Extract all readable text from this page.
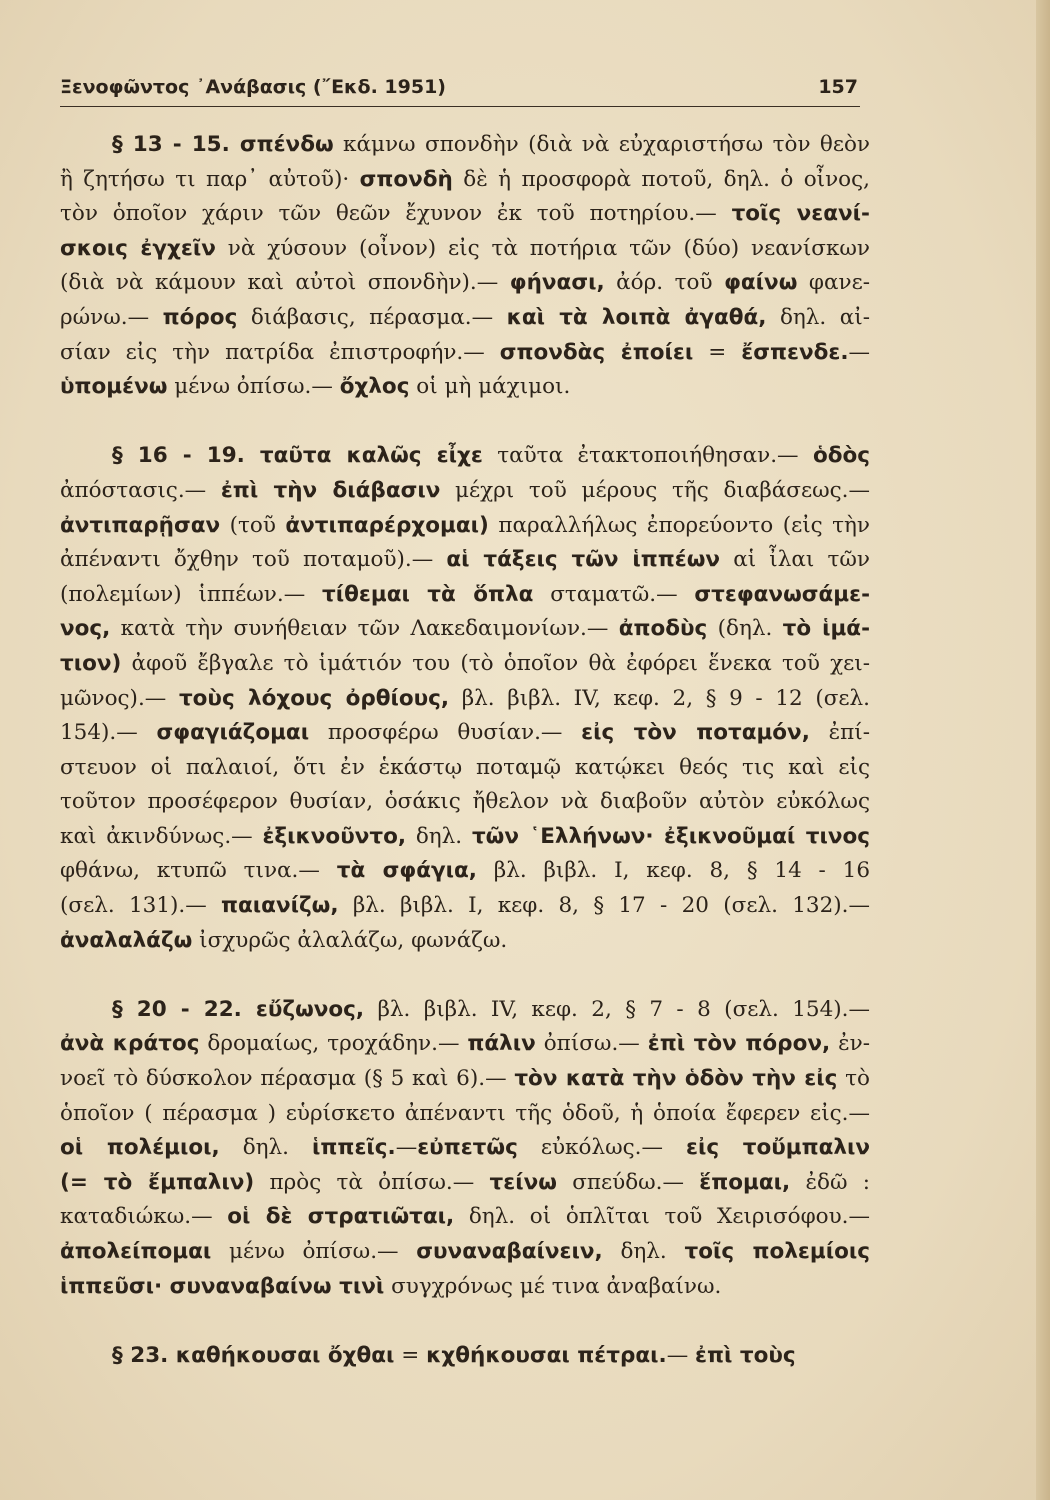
Ξενοφῶντος ᾿Ανάβασις (῎Εκδ. 1951)	157
§ 13 - 15. σπένδω κάμνω σπονδὴν (διὰ νὰ εὐχαριστήσω τὸν θεὸν
ἢ ζητήσω τι παρ᾿ αὐτοῦ)· σπονδὴ δὲ ἡ προσφορὰ ποτοῦ, δηλ. ὁ οἶνος,
τὸν ὁποῖον χάριν τῶν θεῶν ἔχυνον ἐκ τοῦ ποτηρίου.— τοῖς νεανί-
σκοις ἐγχεῖν νὰ χύσουν (οἶνον) εἰς τὰ ποτήρια τῶν (δύο) νεανίσκων
(διὰ νὰ κάμουν καὶ αὐτοὶ σπονδὴν).— φήνασι, ἀόρ. τοῦ φαίνω φανε-
ρώνω.— πόρος διάβασις, πέρασμα.— καὶ τὰ λοιπὰ ἀγαθά, δηλ. αἰ-
σίαν εἰς τὴν πατρίδα ἐπιστροφήν.— σπονδὰς ἐποίει = ἔσπενδε.—
ὑπομένω μένω ὀπίσω.— ὄχλος οἱ μὴ μάχιμοι.
§ 16 - 19. ταῦτα καλῶς εἶχε ταῦτα ἐτακτοποιήθησαν.— ὁδὸς
ἀπόστασις.— ἐπὶ τὴν διάβασιν μέχρι τοῦ μέρους τῆς διαβάσεως.—
ἀντιπαρῇσαν (τοῦ ἀντιπαρέρχομαι) παραλλήλως ἐπορεύοντο (εἰς τὴν
ἀπέναντι ὄχθην τοῦ ποταμοῦ).— αἱ τάξεις τῶν ἱππέων αἱ ἶλαι τῶν
(πολεμίων) ἱππέων.— τίθεμαι τὰ ὅπλα σταματῶ.— στεφανωσάμε-
νος, κατὰ τὴν συνήθειαν τῶν Λακεδαιμονίων.— ἀποδὺς (δηλ. τὸ ἱμά-
τιον) ἀφοῦ ἔβγαλε τὸ ἱμάτιόν του (τὸ ὁποῖον θὰ ἐφόρει ἕνεκα τοῦ χει-
μῶνος).— τοὺς λόχους ὀρθίους, βλ. βιβλ. IV, κεφ. 2, § 9 - 12 (σελ.
154).— σφαγιάζομαι προσφέρω θυσίαν.— εἰς τὸν ποταμόν, ἐπί-
στευον οἱ παλαιοί, ὅτι ἐν ἑκάστῳ ποταμῷ κατῴκει θεός τις καὶ εἰς
τοῦτον προσέφερον θυσίαν, ὁσάκις ἤθελον νὰ διαβοῦν αὐτὸν εὐκόλως
καὶ ἀκινδύνως.— ἐξικνοῦντο, δηλ. τῶν ῾Ελλήνων· ἐξικνοῦμαί τινος
φθάνω, κτυπῶ τινα.— τὰ σφάγια, βλ. βιβλ. I, κεφ. 8, § 14 - 16
(σελ. 131).— παιανίζω, βλ. βιβλ. I, κεφ. 8, § 17 - 20 (σελ. 132).—
ἀναλαλάζω ἰσχυρῶς ἀλαλάζω, φωνάζω.
§ 20 - 22. εὔζωνος, βλ. βιβλ. IV, κεφ. 2, § 7 - 8 (σελ. 154).—
ἀνὰ κράτος δρομαίως, τροχάδην.— πάλιν ὀπίσω.— ἐπὶ τὸν πόρον, ἐν-
νοεῖ τὸ δύσκολον πέρασμα (§ 5 καὶ 6).— τὸν κατὰ τὴν ὁδὸν τὴν εἰς τὸ
ὁποῖον ( πέρασμα ) εὑρίσκετο ἀπέναντι τῆς ὁδοῦ, ἡ ὁποία ἔφερεν εἰς.—
οἱ πολέμιοι, δηλ. ἱππεῖς.—εὐπετῶς εὐκόλως.— εἰς τοὔμπαλιν
(= τὸ ἔμπαλιν) πρὸς τὰ ὀπίσω.— τείνω σπεύδω.— ἕπομαι, ἐδῶ :
καταδιώκω.— οἱ δὲ στρατιῶται, δηλ. οἱ ὁπλῖται τοῦ Χειρισόφου.—
ἀπολείπομαι μένω ὀπίσω.— συναναβαίνειν, δηλ. τοῖς πολεμίοις
ἱππεῦσι· συναναβαίνω τινὶ συγχρόνως μέ τινα ἀναβαίνω.
§ 23. καθήκουσαι ὄχθαι = κχθήκουσαι πέτραι.— ἐπὶ τοὺς
